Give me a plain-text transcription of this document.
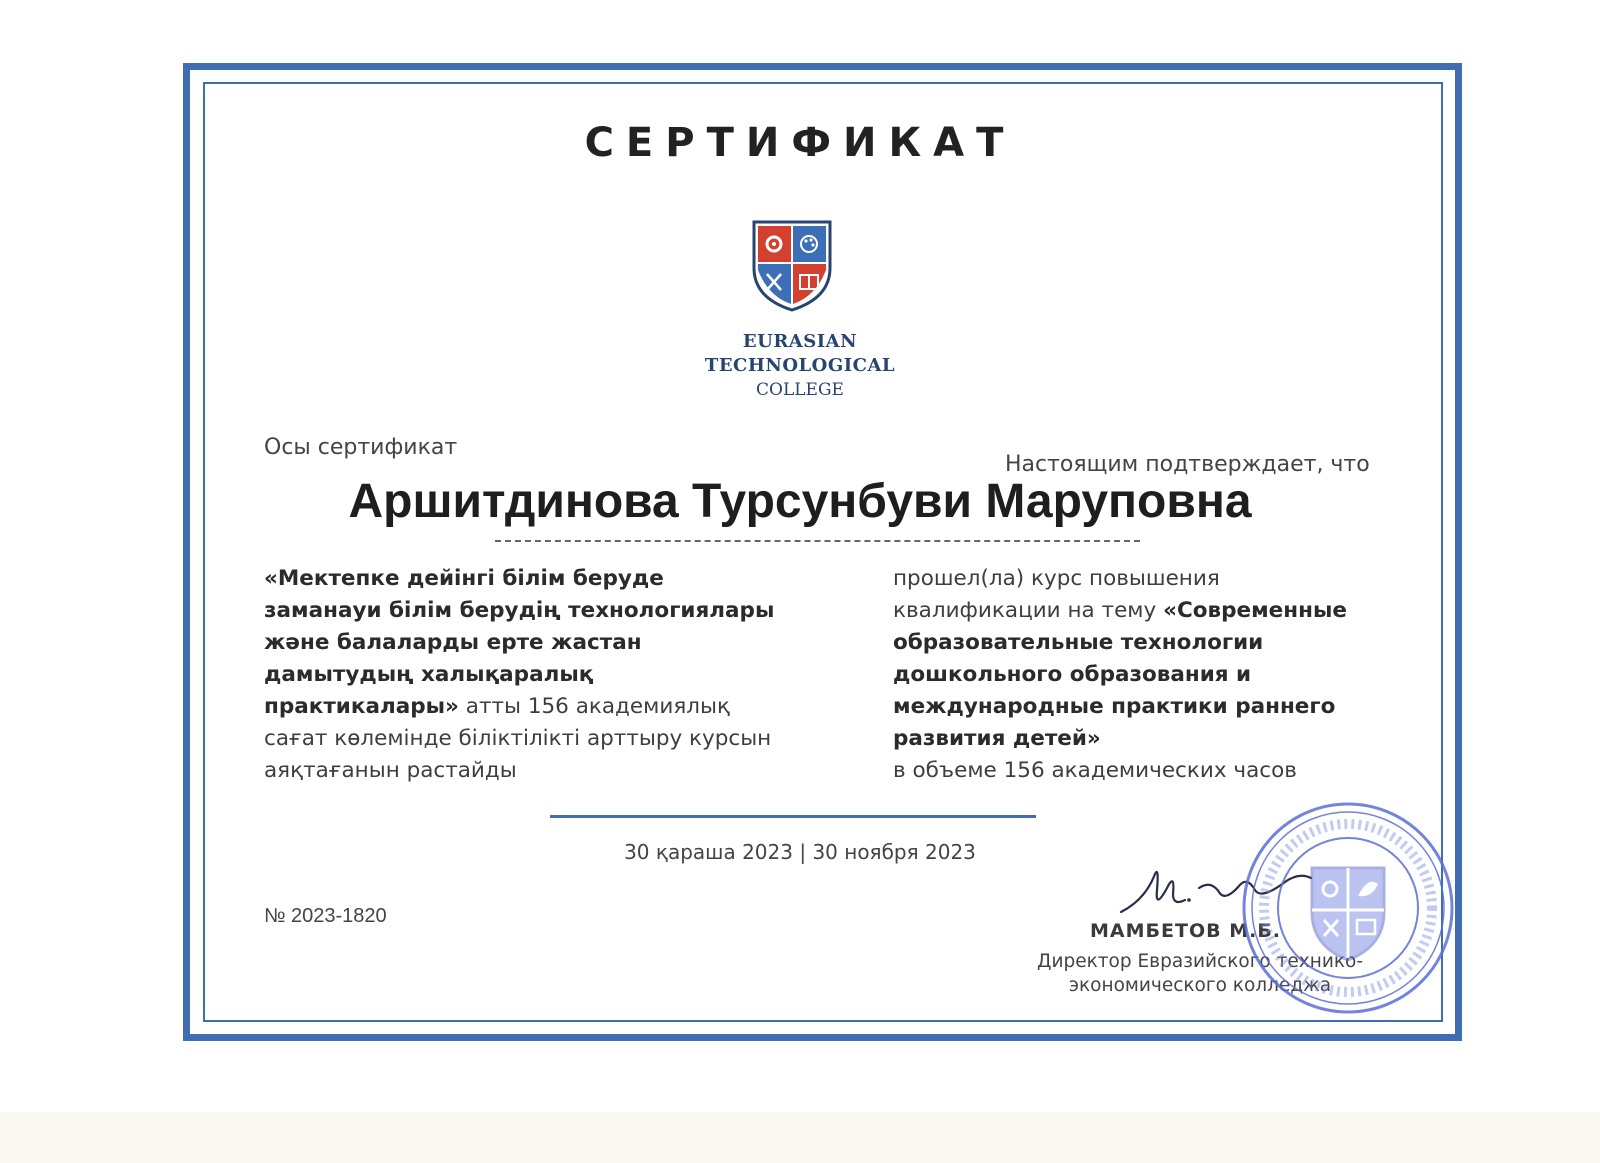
СЕРТИФИКАТ
EURASIAN
TECHNOLOGICAL
COLLEGE
Осы сертификат
Настоящим подтверждает, что
Аршитдинова Турсунбуви Маруповна
«Мектепке дейінгі білім беруде заманауи білім берудің технологиялары және балаларды ерте жастан дамытудың халықаралық практикалары» атты 156 академиялық сағат көлемінде біліктілікті арттыру курсын аяқтағанын растайды
прошел(ла) курс повышения квалификации на тему «Современные образовательные технологии дошкольного образования и международные практики раннего развития детей»
в объеме 156 академических часов
30 қараша 2023 | 30 ноября 2023
№ 2023-1820
МАМБЕТОВ М.Б.
Директор Евразийского технико-
экономического колледжа
